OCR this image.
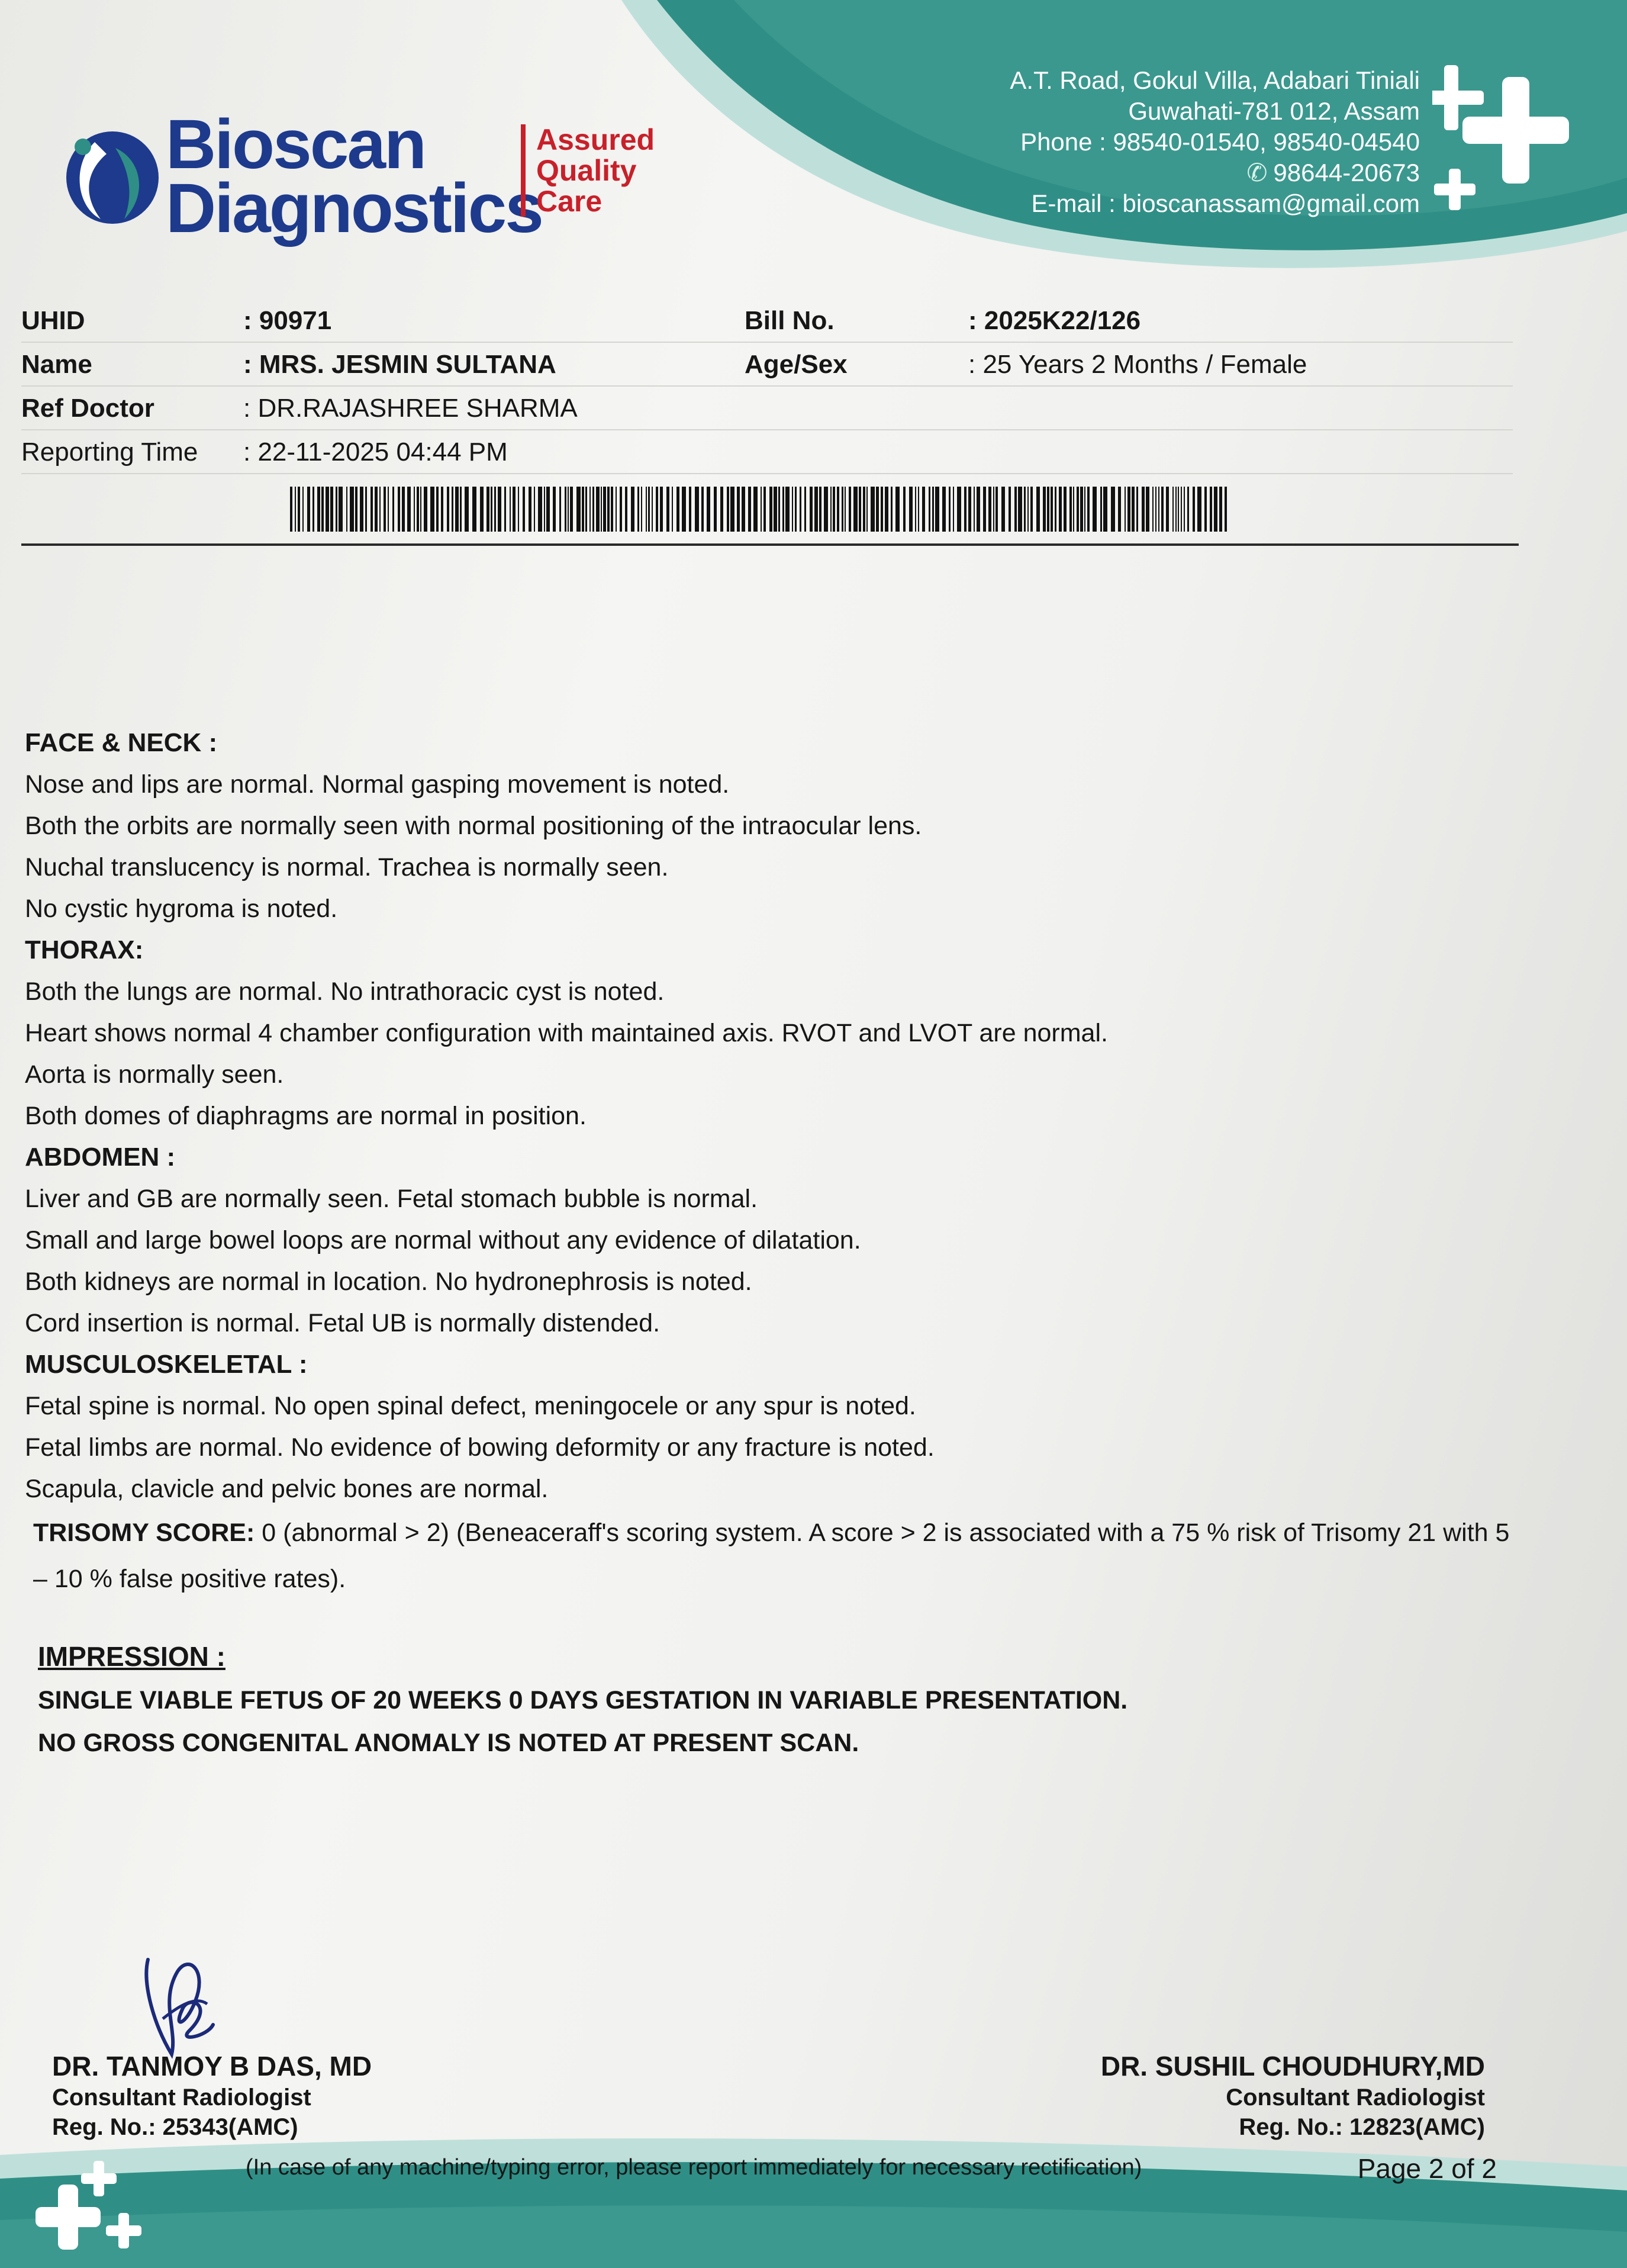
Bioscan
Diagnostics
Assured
Quality
Care
A.T. Road, Gokul Villa, Adabari Tiniali
Guwahati-781 012, Assam
Phone : 98540-01540, 98540-04540
✆ 98644-20673
E-mail : bioscanassam@gmail.com
UHID	: 90971	Bill No.	: 2025K22/126
Name	: MRS. JESMIN SULTANA	Age/Sex	: 25 Years 2 Months / Female
Ref Doctor	: DR.RAJASHREE SHARMA
Reporting Time : 22-11-2025 04:44 PM
FACE & NECK :
Nose and lips are normal. Normal gasping movement is noted.
Both the orbits are normally seen with normal positioning of the intraocular lens.
Nuchal translucency is normal. Trachea is normally seen.
No cystic hygroma is noted.
THORAX:
Both the lungs are normal. No intrathoracic cyst is noted.
Heart shows normal 4 chamber configuration with maintained axis. RVOT and LVOT are normal.
Aorta is normally seen.
Both domes of diaphragms are normal in position.
ABDOMEN :
Liver and GB are normally seen. Fetal stomach bubble is normal.
Small and large bowel loops are normal without any evidence of dilatation.
Both kidneys are normal in location. No hydronephrosis is noted.
Cord insertion is normal. Fetal UB is normally distended.
MUSCULOSKELETAL :
Fetal spine is normal. No open spinal defect, meningocele or any spur is noted.
Fetal limbs are normal. No evidence of bowing deformity or any fracture is noted.
Scapula, clavicle and pelvic bones are normal.
TRISOMY SCORE: 0 (abnormal > 2) (Beneaceraff's scoring system. A score > 2 is associated with a 75 % risk of Trisomy 21 with 5 – 10 % false positive rates).
IMPRESSION :
SINGLE VIABLE FETUS OF 20 WEEKS 0 DAYS GESTATION IN VARIABLE PRESENTATION.
NO GROSS CONGENITAL ANOMALY IS NOTED AT PRESENT SCAN.
DR. TANMOY B DAS, MD
Consultant Radiologist
Reg. No.: 25343(AMC)
DR. SUSHIL CHOUDHURY,MD
Consultant Radiologist
Reg. No.: 12823(AMC)
(In case of any machine/typing error, please report immediately for necessary rectification)	Page 2 of 2
